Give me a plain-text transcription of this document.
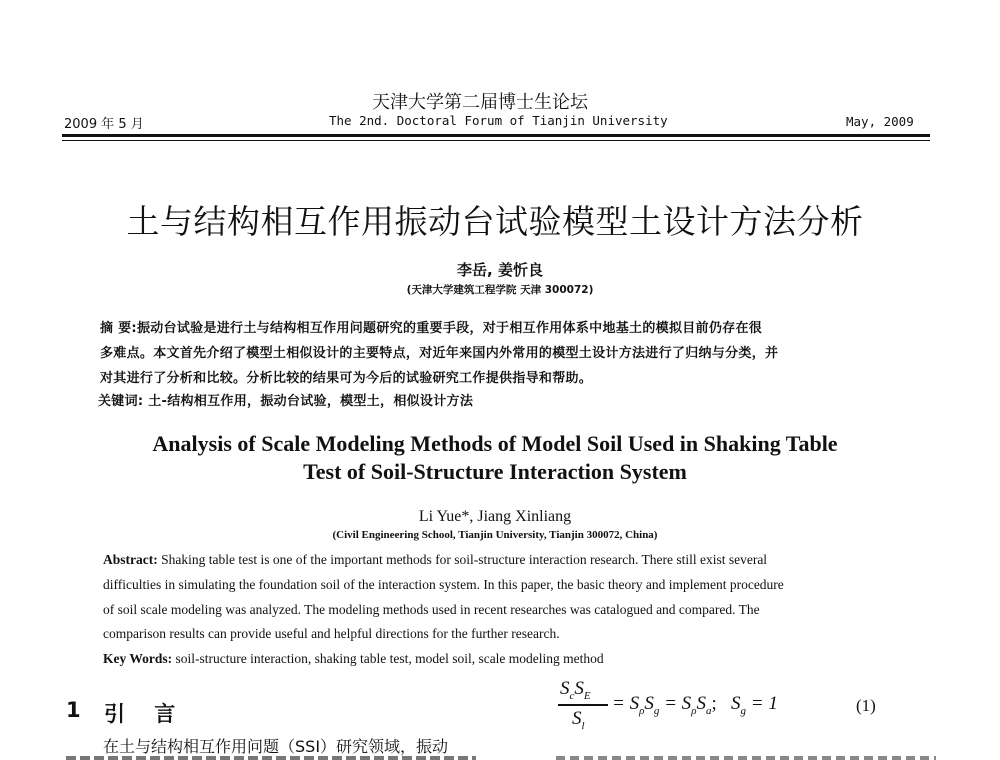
天津大学第二届博士生论坛
2009 年 5 月	The 2nd. Doctoral Forum of Tianjin University	May, 2009
土与结构相互作用振动台试验模型土设计方法分析
李岳, 姜忻良
(天津大学建筑工程学院 天津 300072)
摘 要:振动台试验是进行土与结构相互作用问题研究的重要手段，对于相互作用体系中地基土的模拟目前仍存在很
多难点。本文首先介绍了模型土相似设计的主要特点，对近年来国内外常用的模型土设计方法进行了归纳与分类，并
对其进行了分析和比较。分析比较的结果可为今后的试验研究工作提供指导和帮助。
关键词: 土-结构相互作用，振动台试验，模型土，相似设计方法
Analysis of Scale Modeling Methods of Model Soil Used in Shaking Table
Test of Soil-Structure Interaction System
Li Yue*, Jiang Xinliang
(Civil Engineering School, Tianjin University, Tianjin 300072, China)
Abstract: Shaking table test is one of the important methods for soil-structure interaction research. There still exist several
difficulties in simulating the foundation soil of the interaction system. In this paper, the basic theory and implement procedure
of soil scale modeling was analyzed. The modeling methods used in recent researches was catalogued and compared. The
comparison results can provide useful and helpful directions for the further research.
Key Words: soil-structure interaction, shaking table test, model soil, scale modeling method
1 引    言
在土与结构相互作用问题（SSI）研究领域，振动
$S_cS_E$
$S_l$
= $S_\rho S_g = S_\rho S_a$;   $S_g = 1$	(1)
